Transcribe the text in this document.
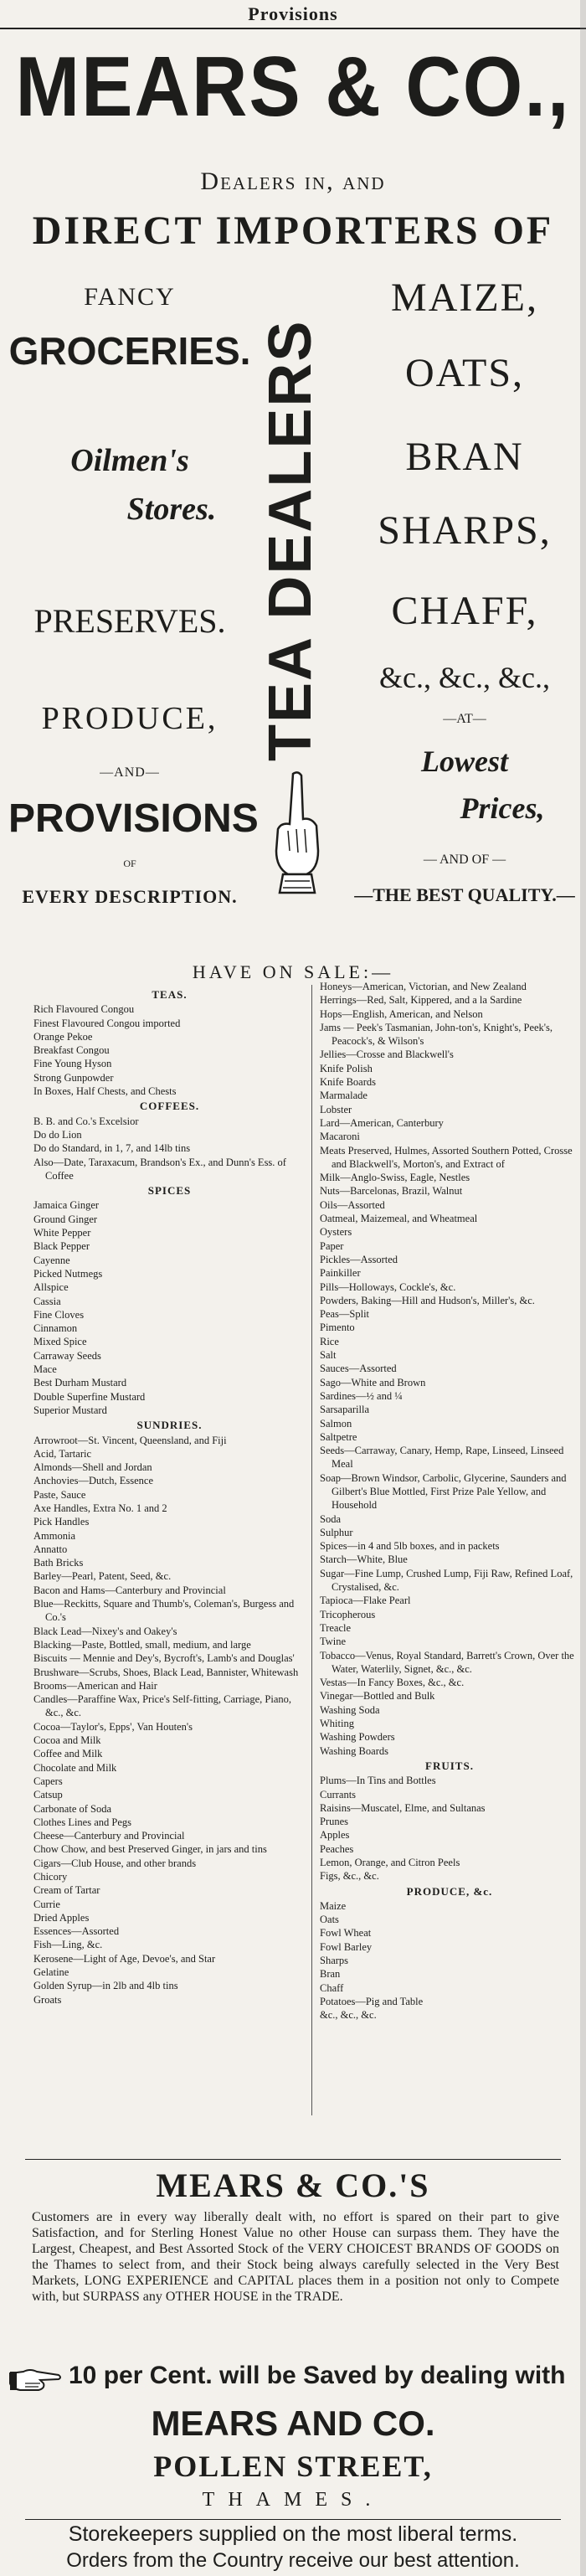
Provisions
MEARS & CO.,
Dealers in, and
DIRECT IMPORTERS OF
FANCY
GROCERIES.
Oilmen's
Stores.
PRESERVES.
PRODUCE,
—AND—
PROVISIONS
OF
EVERY DESCRIPTION.
TEA DEALERS
MAIZE,
OATS,
BRAN
SHARPS,
CHAFF,
&c., &c., &c.,
—AT—
Lowest
Prices,
— AND OF —
—THE BEST QUALITY.—
HAVE ON SALE:—
TEAS.
Rich Flavoured Congou
Finest Flavoured Congou imported
Orange Pekoe
Breakfast Congou
Fine Young Hyson
Strong Gunpowder
In Boxes, Half Chests, and Chests
COFFEES.
B. B. and Co.'s Excelsior
Do do Lion
Do do Standard, in 1, 7, and 14lb tins
Also—Date, Taraxacum, Brandson's Ex., and Dunn's Ess. of Coffee
SPICES
Jamaica Ginger
Ground Ginger
White Pepper
Black Pepper
Cayenne
Picked Nutmegs
Allspice
Cassia
Fine Cloves
Cinnamon
Mixed Spice
Carraway Seeds
Mace
Best Durham Mustard
Double Superfine Mustard
Superior Mustard
SUNDRIES.
Arrowroot—St. Vincent, Queensland, and Fiji
Acid, Tartaric
Almonds—Shell and Jordan
Anchovies—Dutch, Essence
Paste, Sauce
Axe Handles, Extra No. 1 and 2
Pick Handles
Ammonia
Annatto
Bath Bricks
Barley—Pearl, Patent, Seed, &c.
Bacon and Hams—Canterbury and Provincial
Blue—Reckitts, Square and Thumb's, Coleman's, Burgess and Co.'s
Black Lead—Nixey's and Oakey's
Blacking—Paste, Bottled, small, medium, and large
Biscuits — Mennie and Dey's, Bycroft's, Lamb's and Douglas'
Brushware—Scrubs, Shoes, Black Lead, Bannister, Whitewash
Brooms—American and Hair
Candles—Paraffine Wax, Price's Self-fitting, Carriage, Piano, &c., &c.
Cocoa—Taylor's, Epps', Van Houten's
Cocoa and Milk
Coffee and Milk
Chocolate and Milk
Capers
Catsup
Carbonate of Soda
Clothes Lines and Pegs
Cheese—Canterbury and Provincial
Chow Chow, and best Preserved Ginger, in jars and tins
Cigars—Club House, and other brands
Chicory
Cream of Tartar
Currie
Dried Apples
Essences—Assorted
Fish—Ling, &c.
Kerosene—Light of Age, Devoe's, and Star
Gelatine
Golden Syrup—in 2lb and 4lb tins
Groats
Honeys—American, Victorian, and New Zealand
Herrings—Red, Salt, Kippered, and a la Sardine
Hops—English, American, and Nelson
Jams — Peek's Tasmanian, John-ton's, Knight's, Peek's, Peacock's, & Wilson's
Jellies—Crosse and Blackwell's
Knife Polish
Knife Boards
Marmalade
Lobster
Lard—American, Canterbury
Macaroni
Meats Preserved, Hulmes, Assorted Southern Potted, Crosse and Blackwell's, Morton's, and Extract of
Milk—Anglo-Swiss, Eagle, Nestles
Nuts—Barcelonas, Brazil, Walnut
Oils—Assorted
Oatmeal, Maizemeal, and Wheatmeal
Oysters
Paper
Pickles—Assorted
Painkiller
Pills—Holloways, Cockle's, &c.
Powders, Baking—Hill and Hudson's, Miller's, &c.
Peas—Split
Pimento
Rice
Salt
Sauces—Assorted
Sago—White and Brown
Sardines—½ and ¼
Sarsaparilla
Salmon
Saltpetre
Seeds—Carraway, Canary, Hemp, Rape, Linseed, Linseed Meal
Soap—Brown Windsor, Carbolic, Glycerine, Saunders and Gilbert's Blue Mottled, First Prize Pale Yellow, and Household
Soda
Sulphur
Spices—in 4 and 5lb boxes, and in packets
Starch—White, Blue
Sugar—Fine Lump, Crushed Lump, Fiji Raw, Refined Loaf, Crystalised, &c.
Tapioca—Flake Pearl
Tricopherous
Treacle
Twine
Tobacco—Venus, Royal Standard, Barrett's Crown, Over the Water, Waterlily, Signet, &c., &c.
Vestas—In Fancy Boxes, &c., &c.
Vinegar—Bottled and Bulk
Washing Soda
Whiting
Washing Powders
Washing Boards
FRUITS.
Plums—In Tins and Bottles
Currants
Raisins—Muscatel, Elme, and Sultanas
Prunes
Apples
Peaches
Lemon, Orange, and Citron Peels
Figs, &c., &c.
PRODUCE, &c.
Maize
Oats
Fowl Wheat
Fowl Barley
Sharps
Bran
Chaff
Potatoes—Pig and Table
&c., &c., &c.
MEARS & CO.'S
Customers are in every way liberally dealt with, no effort is spared on their part to give Satisfaction, and for Sterling Honest Value no other House can surpass them. They have the Largest, Cheapest, and Best Assorted Stock of the VERY CHOICEST BRANDS OF GOODS on the Thames to select from, and their Stock being always carefully selected in the Very Best Markets, LONG EXPERIENCE and CAPITAL places them in a position not only to Compete with, but SURPASS any OTHER HOUSE in the TRADE.
10 per Cent. will be Saved by dealing with
MEARS AND CO.
POLLEN STREET,
THAMES.
Storekeepers supplied on the most liberal terms.
Orders from the Country receive our best attention.
